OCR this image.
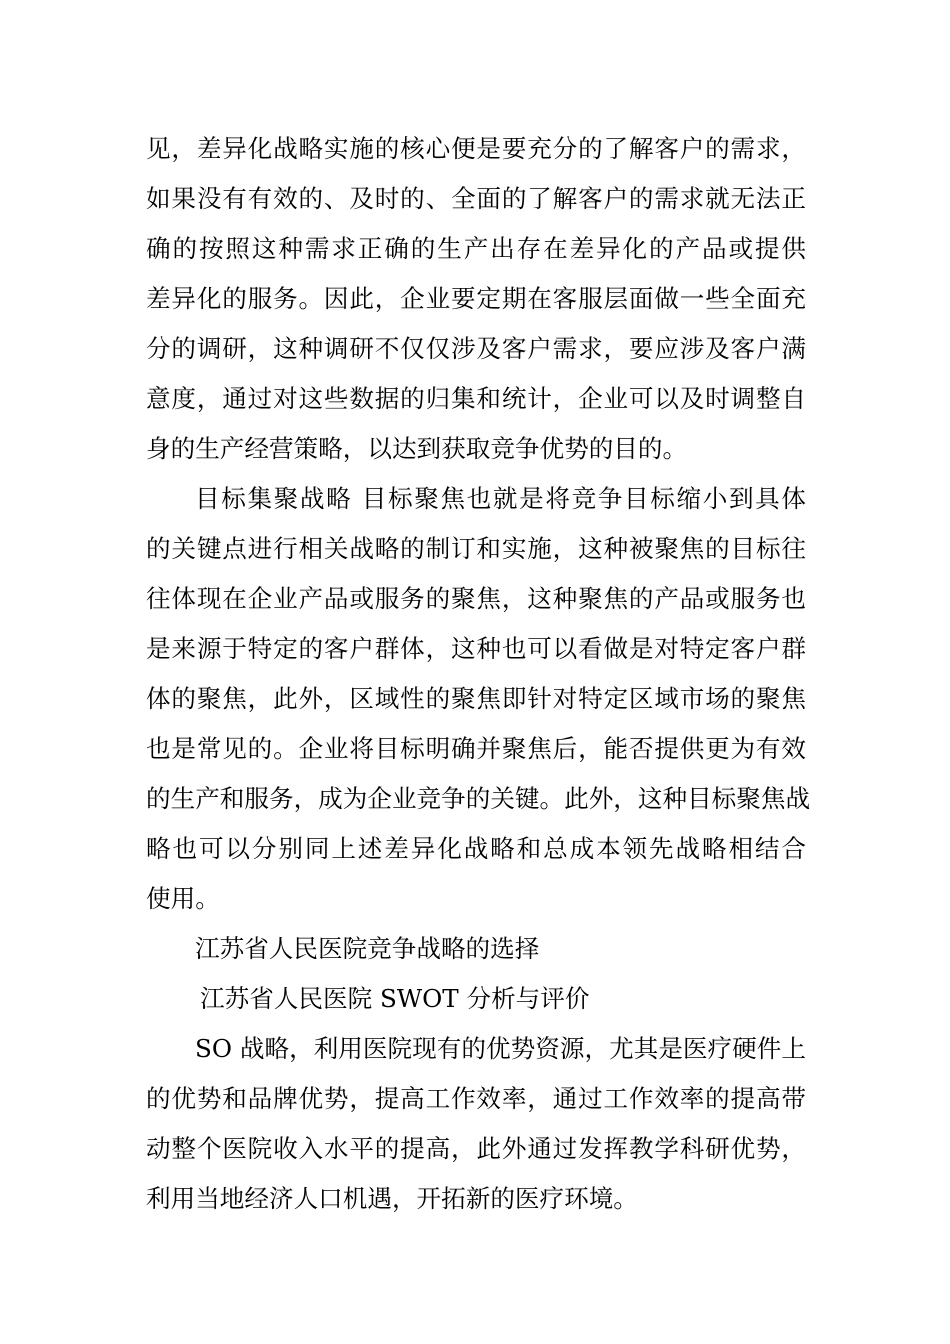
见，差异化战略实施的核心便是要充分的了解客户的需求，
如果没有有效的、及时的、全面的了解客户的需求就无法正
确的按照这种需求正确的生产出存在差异化的产品或提供
差异化的服务。因此，企业要定期在客服层面做一些全面充
分的调研，这种调研不仅仅涉及客户需求，要应涉及客户满
意度，通过对这些数据的归集和统计，企业可以及时调整自
身的生产经营策略，以达到获取竞争优势的目的。
目标集聚战略 目标聚焦也就是将竞争目标缩小到具体
的关键点进行相关战略的制订和实施，这种被聚焦的目标往
往体现在企业产品或服务的聚焦，这种聚焦的产品或服务也
是来源于特定的客户群体，这种也可以看做是对特定客户群
体的聚焦，此外，区域性的聚焦即针对特定区域市场的聚焦
也是常见的。企业将目标明确并聚焦后，能否提供更为有效
的生产和服务，成为企业竞争的关键。此外，这种目标聚焦战
略也可以分别同上述差异化战略和总成本领先战略相结合
使用。
江苏省人民医院竞争战略的选择
江苏省人民医院 SWOT 分析与评价
SO 战略，利用医院现有的优势资源，尤其是医疗硬件上
的优势和品牌优势，提高工作效率，通过工作效率的提高带
动整个医院收入水平的提高，此外通过发挥教学科研优势，
利用当地经济人口机遇，开拓新的医疗环境。
